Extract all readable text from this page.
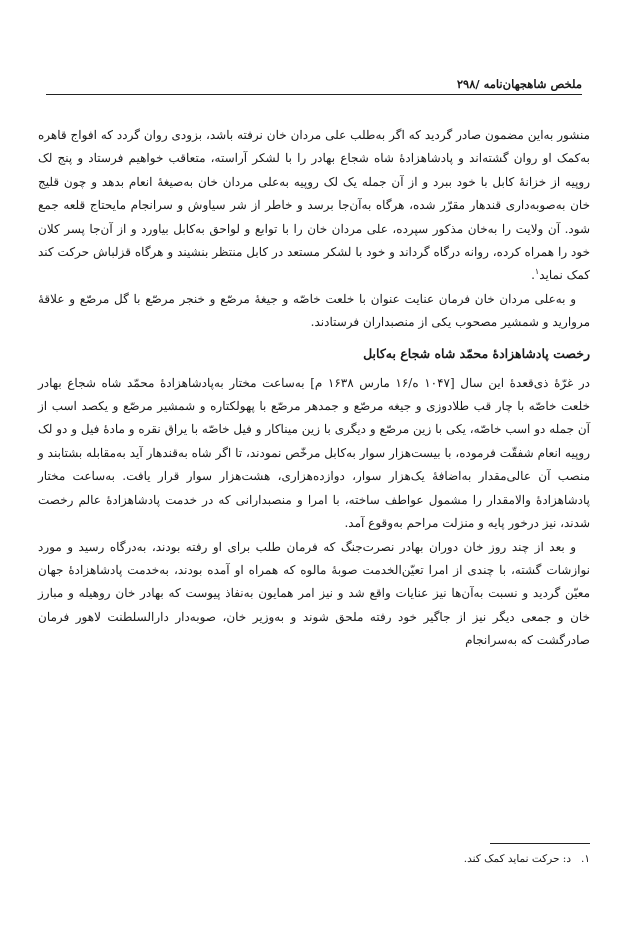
ملخص شاهجهان‌نامه /۲۹۸

منشور به‌این مضمون صادر گردید که اگر به‌طلب علی مردان خان نرفته باشد، بزودی روان گردد که افواج قاهره به‌کمک او روان گشته‌اند و پادشاهزادهٔ شاه شجاع بهادر را با لشکر آراسته، متعاقب خواهیم فرستاد و پنج لک روپیه از خزانهٔ کابل با خود ببرد و از آن جمله یک لک روپیه به‌علی مردان خان به‌صیغهٔ انعام بدهد و چون قلیج خان به‌صوبه‌داری قندهار مقرّر شده، هرگاه به‌آن‌جا برسد و خاطر از شر سیاوش و سرانجام مایحتاج قلعه جمع شود. آن ولایت را به‌خان مذکور سپرده، علی مردان خان را با توابع و لواحق به‌کابل بیاورد و از آن‌جا پسر کلان خود را همراه کرده، روانه درگاه گرداند و خود با لشکر مستعد در کابل منتظر بنشیند و هرگاه قزلباش حرکت کند کمک نماید$^۱$.

و به‌علی مردان خان فرمان عنایت عنوان با خلعت خاصّه و جیغهٔ مرصّع و خنجر مرصّع با گل مرصّع و علاقهٔ مروارید و شمشیر مصحوب یکی از منصبداران فرستادند.

رخصت پادشاهزادهٔ محمّد شاه شجاع به‌کابل

در غرّهٔ ذی‌قعدهٔ این سال [۱۰۴۷ ه/۱۶ مارس ۱۶۳۸ م] به‌ساعت مختار به‌پادشاهزادهٔ محمّد شاه شجاع بهادر خلعت خاصّه با چار قب طلادوزی و جیغه مرصّع و جمدهر مرصّع با پهولکتاره و شمشیر مرصّع و یکصد اسب از آن جمله دو اسب خاصّه، یکی با زین مرصّع و دیگری با زین میناکار و فیل خاصّه با یراق نقره و مادهٔ فیل و دو لک روپیه انعام شفقّت فرموده، با بیست‌هزار سوار به‌کابل مرخّص نمودند، تا اگر شاه به‌قندهار آید به‌مقابله بشتابند و منصب آن عالی‌مقدار به‌اضافهٔ یک‌هزار سوار، دوازده‌هزاری، هشت‌هزار سوار قرار یافت. به‌ساعت مختار پادشاهزادهٔ والامقدار را مشمول عواطف ساخته، با امرا و منصبدارانی که در خدمت پادشاهزادهٔ عالم رخصت شدند، نیز درخور پایه و منزلت مراحم به‌وقوع آمد.

و بعد از چند روز خان دوران بهادر نصرت‌جنگ که فرمان طلب برای او رفته بودند، به‌درگاه رسید و مورد نوازشات گشته، با چندی از امرا تعیّن‌الخدمت صوبهٔ مالوه که همراه او آمده بودند، به‌خدمت پادشاهزادهٔ جهان معیّن گردید و نسبت به‌آن‌ها نیز عنایات واقع شد و نیز امر همایون به‌نفاذ پیوست که بهادر خان روهیله و مبارز خان و جمعی دیگر نیز از جاگیر خود رفته ملحق شوند و به‌وزیر خان، صوبه‌دار دارالسلطنت لاهور فرمان صادرگشت که به‌سرانجام

۱.د: حرکت نماید کمک کند.
